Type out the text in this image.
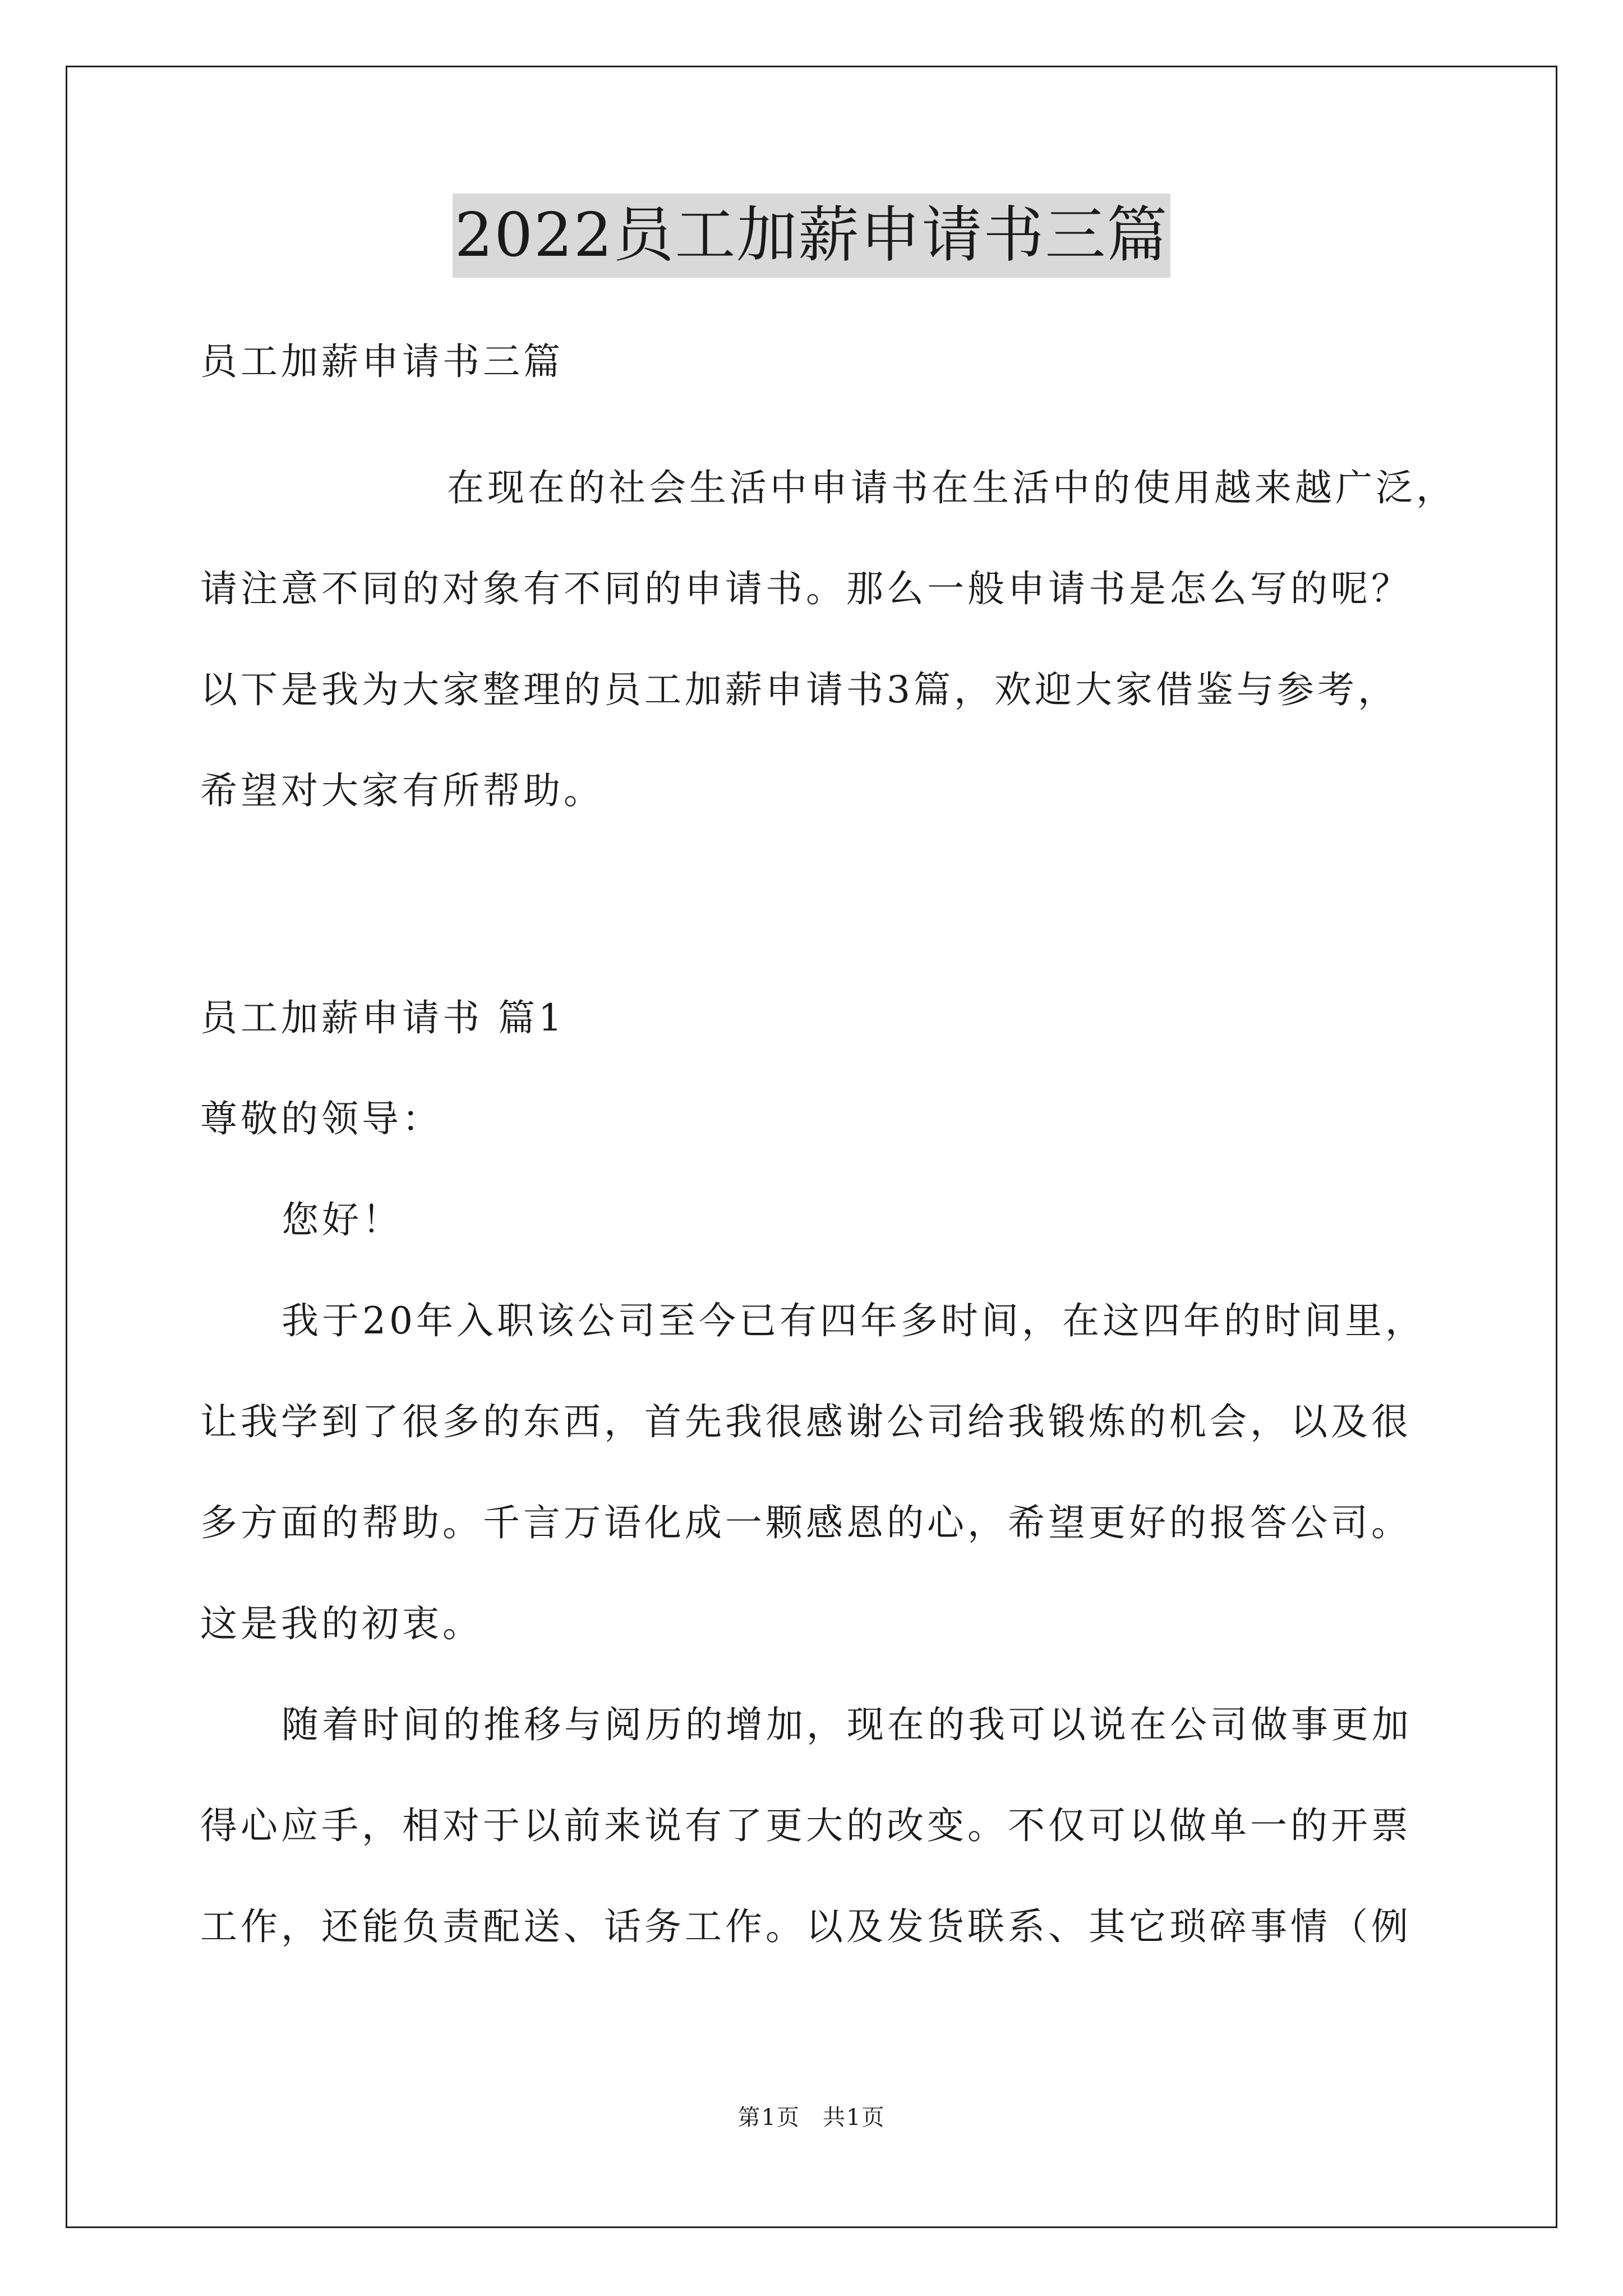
2022员工加薪申请书三篇
员工加薪申请书三篇
在现在的社会生活中申请书在生活中的使用越来越广泛，
请注意不同的对象有不同的申请书。那么一般申请书是怎么写的呢？
以下是我为大家整理的员工加薪申请书3篇，欢迎大家借鉴与参考，
希望对大家有所帮助。
员工加薪申请书 篇1
尊敬的领导：
您好！
我于20年入职该公司至今已有四年多时间，在这四年的时间里，
让我学到了很多的东西，首先我很感谢公司给我锻炼的机会，以及很
多方面的帮助。千言万语化成一颗感恩的心，希望更好的报答公司。
这是我的初衷。
随着时间的推移与阅历的增加，现在的我可以说在公司做事更加
得心应手，相对于以前来说有了更大的改变。不仅可以做单一的开票
工作，还能负责配送、话务工作。以及发货联系、其它琐碎事情（例
第1页 共1页
